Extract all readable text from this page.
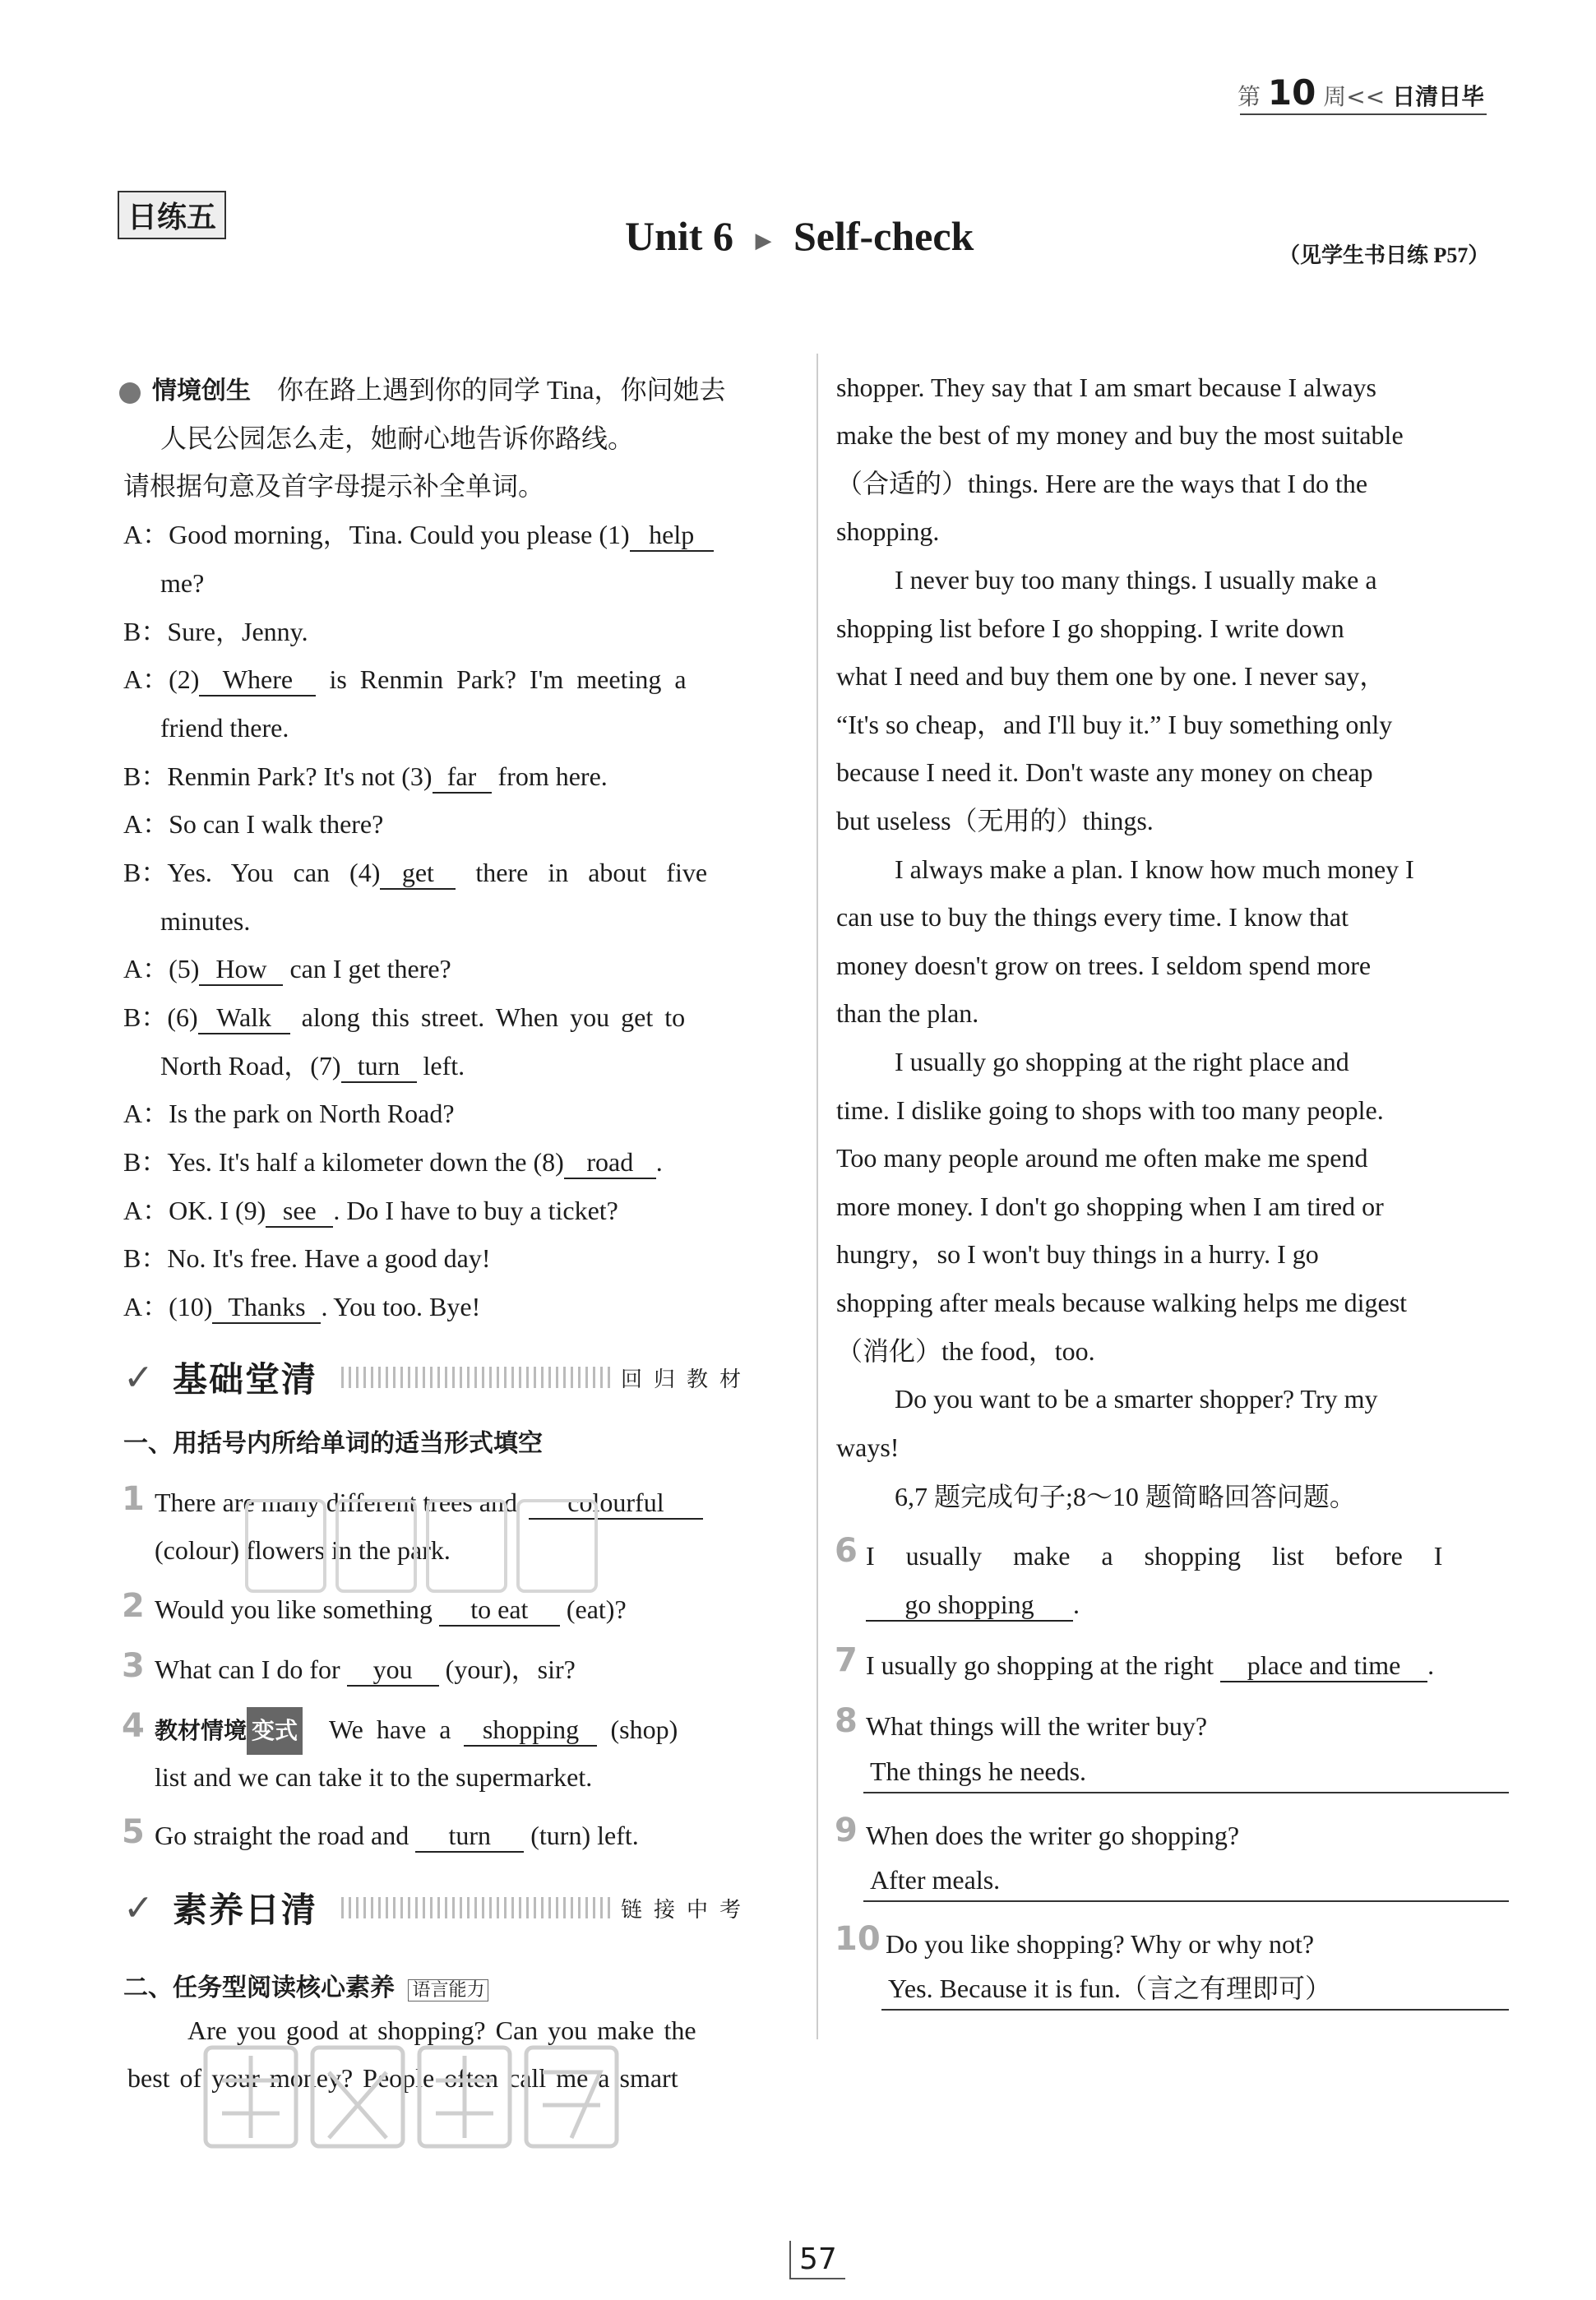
第 10 周<< 日清日毕
日练五	Unit 6 ▶ Self-check	（见学生书日练 P57）
情境创生 你在路上遇到你的同学 Tina，你问她去
人民公园怎么走，她耐心地告诉你路线。
请根据句意及首字母提示补全单词。
A：Good morning，Tina. Could you please (1) help
me?
B：Sure，Jenny.
A：(2) Where is Renmin Park? I'm meeting a
friend there.
B：Renmin Park? It's not (3) far from here.
A：So can I walk there?
B：Yes. You can (4) get there in about five
minutes.
A：(5) How can I get there?
B：(6) Walk along this street. When you get to
North Road，(7) turn left.
A：Is the park on North Road?
B：Yes. It's half a kilometer down the (8) road .
A：OK. I (9) see . Do I have to buy a ticket?
B：No. It's free. Have a good day!
A：(10) Thanks . You too. Bye!
✓ 基础堂清	回归教材
一、用括号内所给单词的适当形式填空
1 There are many different trees and colourful
(colour) flowers in the park.
2 Would you like something to eat (eat)?
3 What can I do for you (your)，sir?
4 教材情境 变式 We have a shopping (shop)
list and we can take it to the supermarket.
5 Go straight the road and turn (turn) left.
✓ 素养日清	链接中考
二、任务型阅读核心素养 语言能力
Are you good at shopping? Can you make the
best of your money? People often call me a smart
shopper. They say that I am smart because I always
make the best of my money and buy the most suitable
（合适的）things. Here are the ways that I do the
shopping.
I never buy too many things. I usually make a
shopping list before I go shopping. I write down
what I need and buy them one by one. I never say，
“It's so cheap，and I'll buy it.” I buy something only
because I need it. Don't waste any money on cheap
but useless（无用的）things.
I always make a plan. I know how much money I
can use to buy the things every time. I know that
money doesn't grow on trees. I seldom spend more
than the plan.
I usually go shopping at the right place and
time. I dislike going to shops with too many people.
Too many people around me often make me spend
more money. I don't go shopping when I am tired or
hungry，so I won't buy things in a hurry. I go
shopping after meals because walking helps me digest
（消化）the food，too.
Do you want to be a smarter shopper? Try my
ways!
6,7 题完成句子;8～10 题简略回答问题。
6 I usually make a shopping list before I
go shopping .
7 I usually go shopping at the right place and time .
8 What things will the writer buy?
The things he needs.
9 When does the writer go shopping?
After meals.
10 Do you like shopping? Why or why not?
Yes. Because it is fun.（言之有理即可）
57
